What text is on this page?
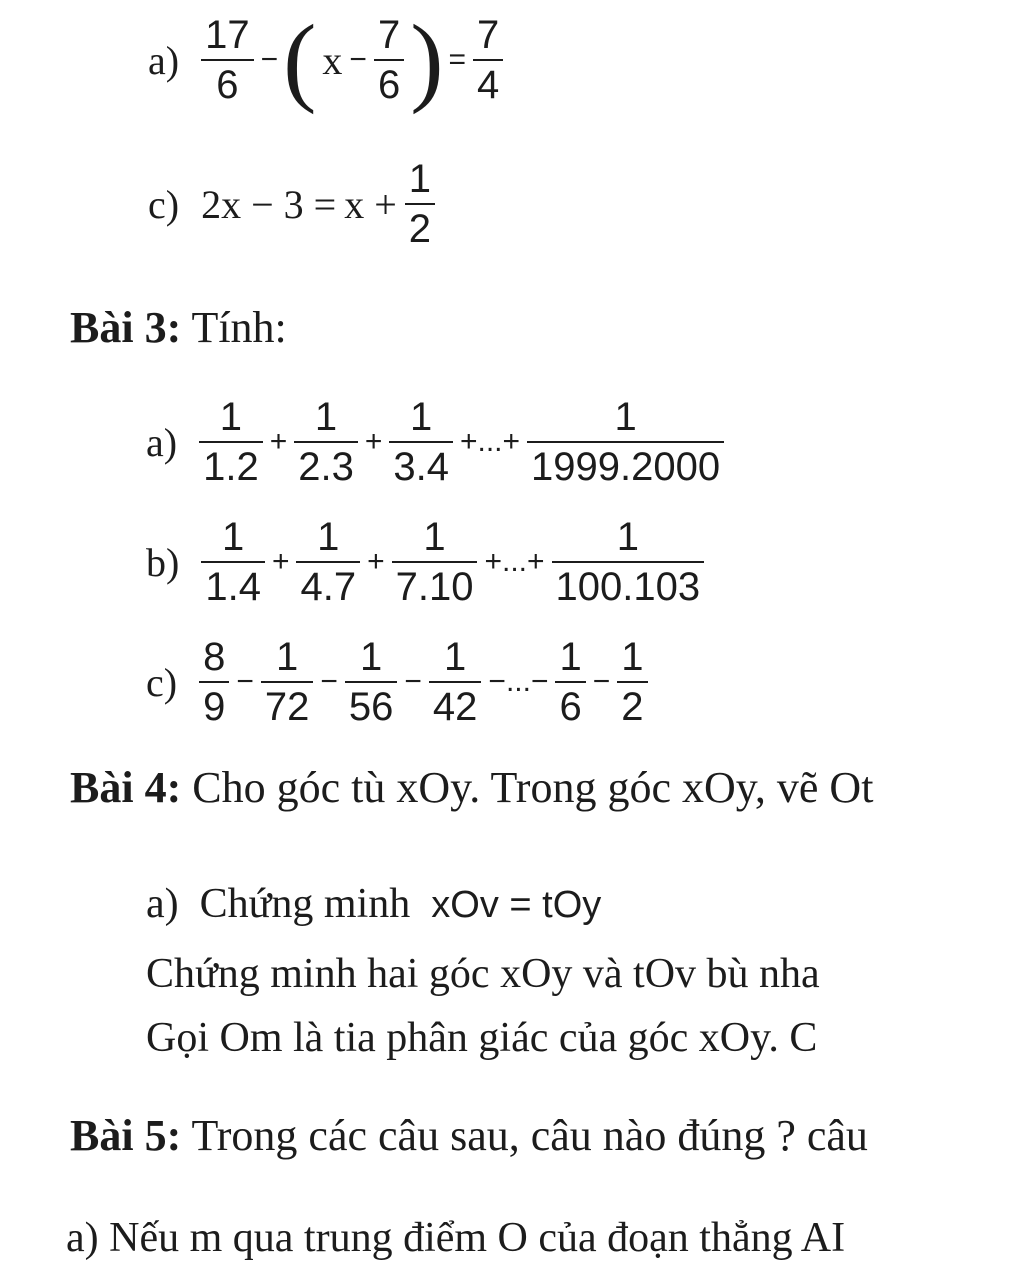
$a) \frac{17}{6}$ − ( $x - \frac{7}{6}$ ) = $\frac{7}{4}$
c) $2x - 3 = x + \frac{1}{2}$
Bài 3: Tính:
$a) \frac{1}{1.2} + \frac{1}{2.3} + \frac{1}{3.4}$ +...+ $\frac{1}{1999.2000}$
$b) \frac{1}{1.4} + \frac{1}{4.7} + \frac{1}{7.10}$ +...+ $\frac{1}{100.103}$
$c) \frac{8}{9} - \frac{1}{72} - \frac{1}{56} - \frac{1}{42}$ −...− $\frac{1}{6} - \frac{1}{2}$
Bài 4: Cho góc tù xOy. Trong góc xOy, vẽ Ot
a) Chứng minh xOv = tOy
Chứng minh hai góc xOy và tOv bù nha
Gọi Om là tia phân giác của góc xOy. C
Bài 5: Trong các câu sau, câu nào đúng ? câu
a) Nếu m qua trung điểm O của đoạn thẳng AI
